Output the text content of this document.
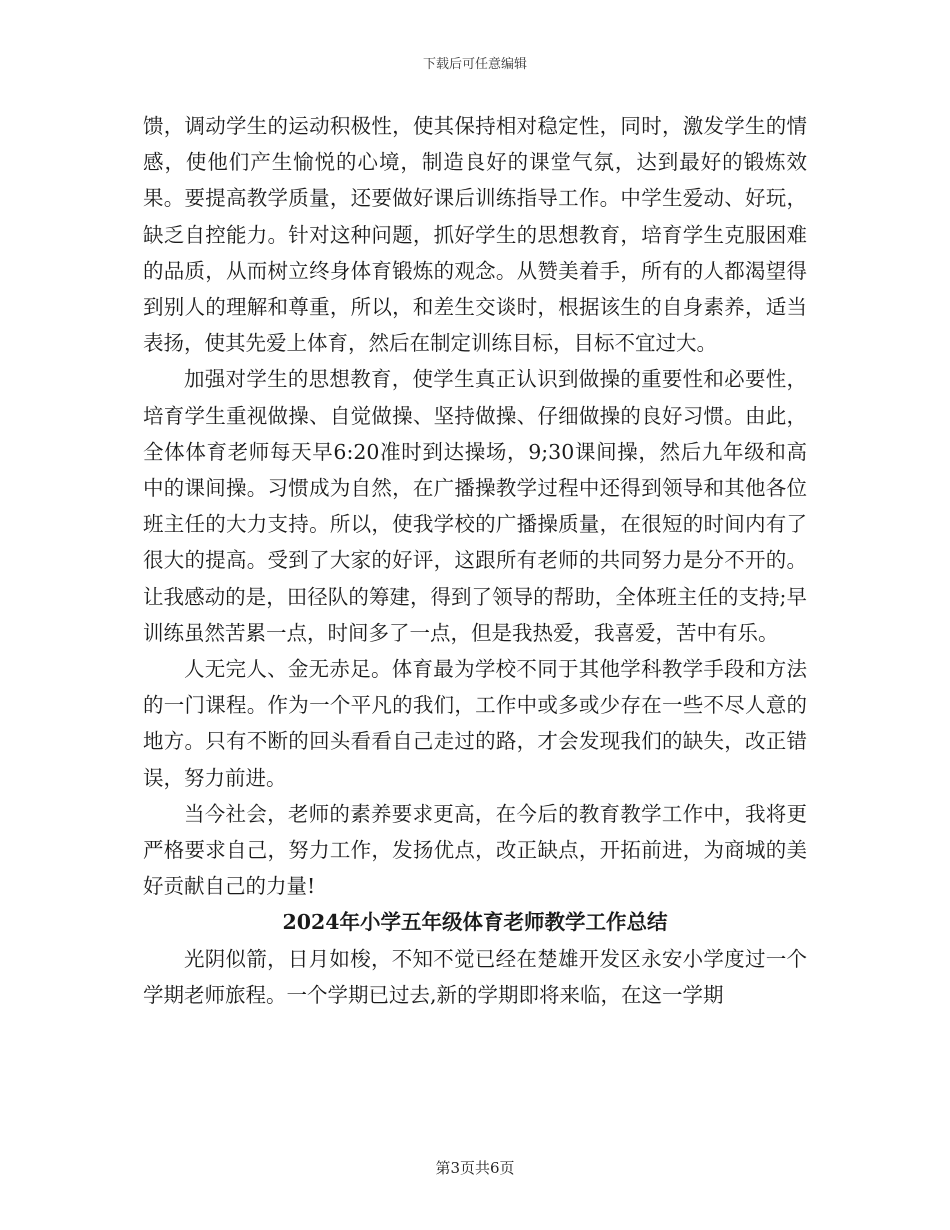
下载后可任意编辑

馈，调动学生的运动积极性，使其保持相对稳定性，同时，激发学生的情感，使他们产生愉悦的心境，制造良好的课堂气氛，达到最好的锻炼效果。要提高教学质量，还要做好课后训练指导工作。中学生爱动、好玩，缺乏自控能力。针对这种问题，抓好学生的思想教育，培育学生克服困难的品质，从而树立终身体育锻炼的观念。从赞美着手，所有的人都渴望得到别人的理解和尊重，所以，和差生交谈时，根据该生的自身素养，适当表扬，使其先爱上体育，然后在制定训练目标，目标不宜过大。

加强对学生的思想教育，使学生真正认识到做操的重要性和必要性，培育学生重视做操、自觉做操、坚持做操、仔细做操的良好习惯。由此，全体体育老师每天早6:20准时到达操场，9;30课间操，然后九年级和高中的课间操。习惯成为自然，在广播操教学过程中还得到领导和其他各位班主任的大力支持。所以，使我学校的广播操质量，在很短的时间内有了很大的提高。受到了大家的好评，这跟所有老师的共同努力是分不开的。让我感动的是，田径队的筹建，得到了领导的帮助，全体班主任的支持;早训练虽然苦累一点，时间多了一点，但是我热爱，我喜爱，苦中有乐。

人无完人、金无赤足。体育最为学校不同于其他学科教学手段和方法的一门课程。作为一个平凡的我们，工作中或多或少存在一些不尽人意的地方。只有不断的回头看看自己走过的路，才会发现我们的缺失，改正错误，努力前进。

当今社会，老师的素养要求更高，在今后的教育教学工作中，我将更严格要求自己，努力工作，发扬优点，改正缺点，开拓前进，为商城的美好贡献自己的力量!

2024年小学五年级体育老师教学工作总结

光阴似箭，日月如梭，不知不觉已经在楚雄开发区永安小学度过一个学期老师旅程。一个学期已过去,新的学期即将来临，在这一学期

第3页共6页
